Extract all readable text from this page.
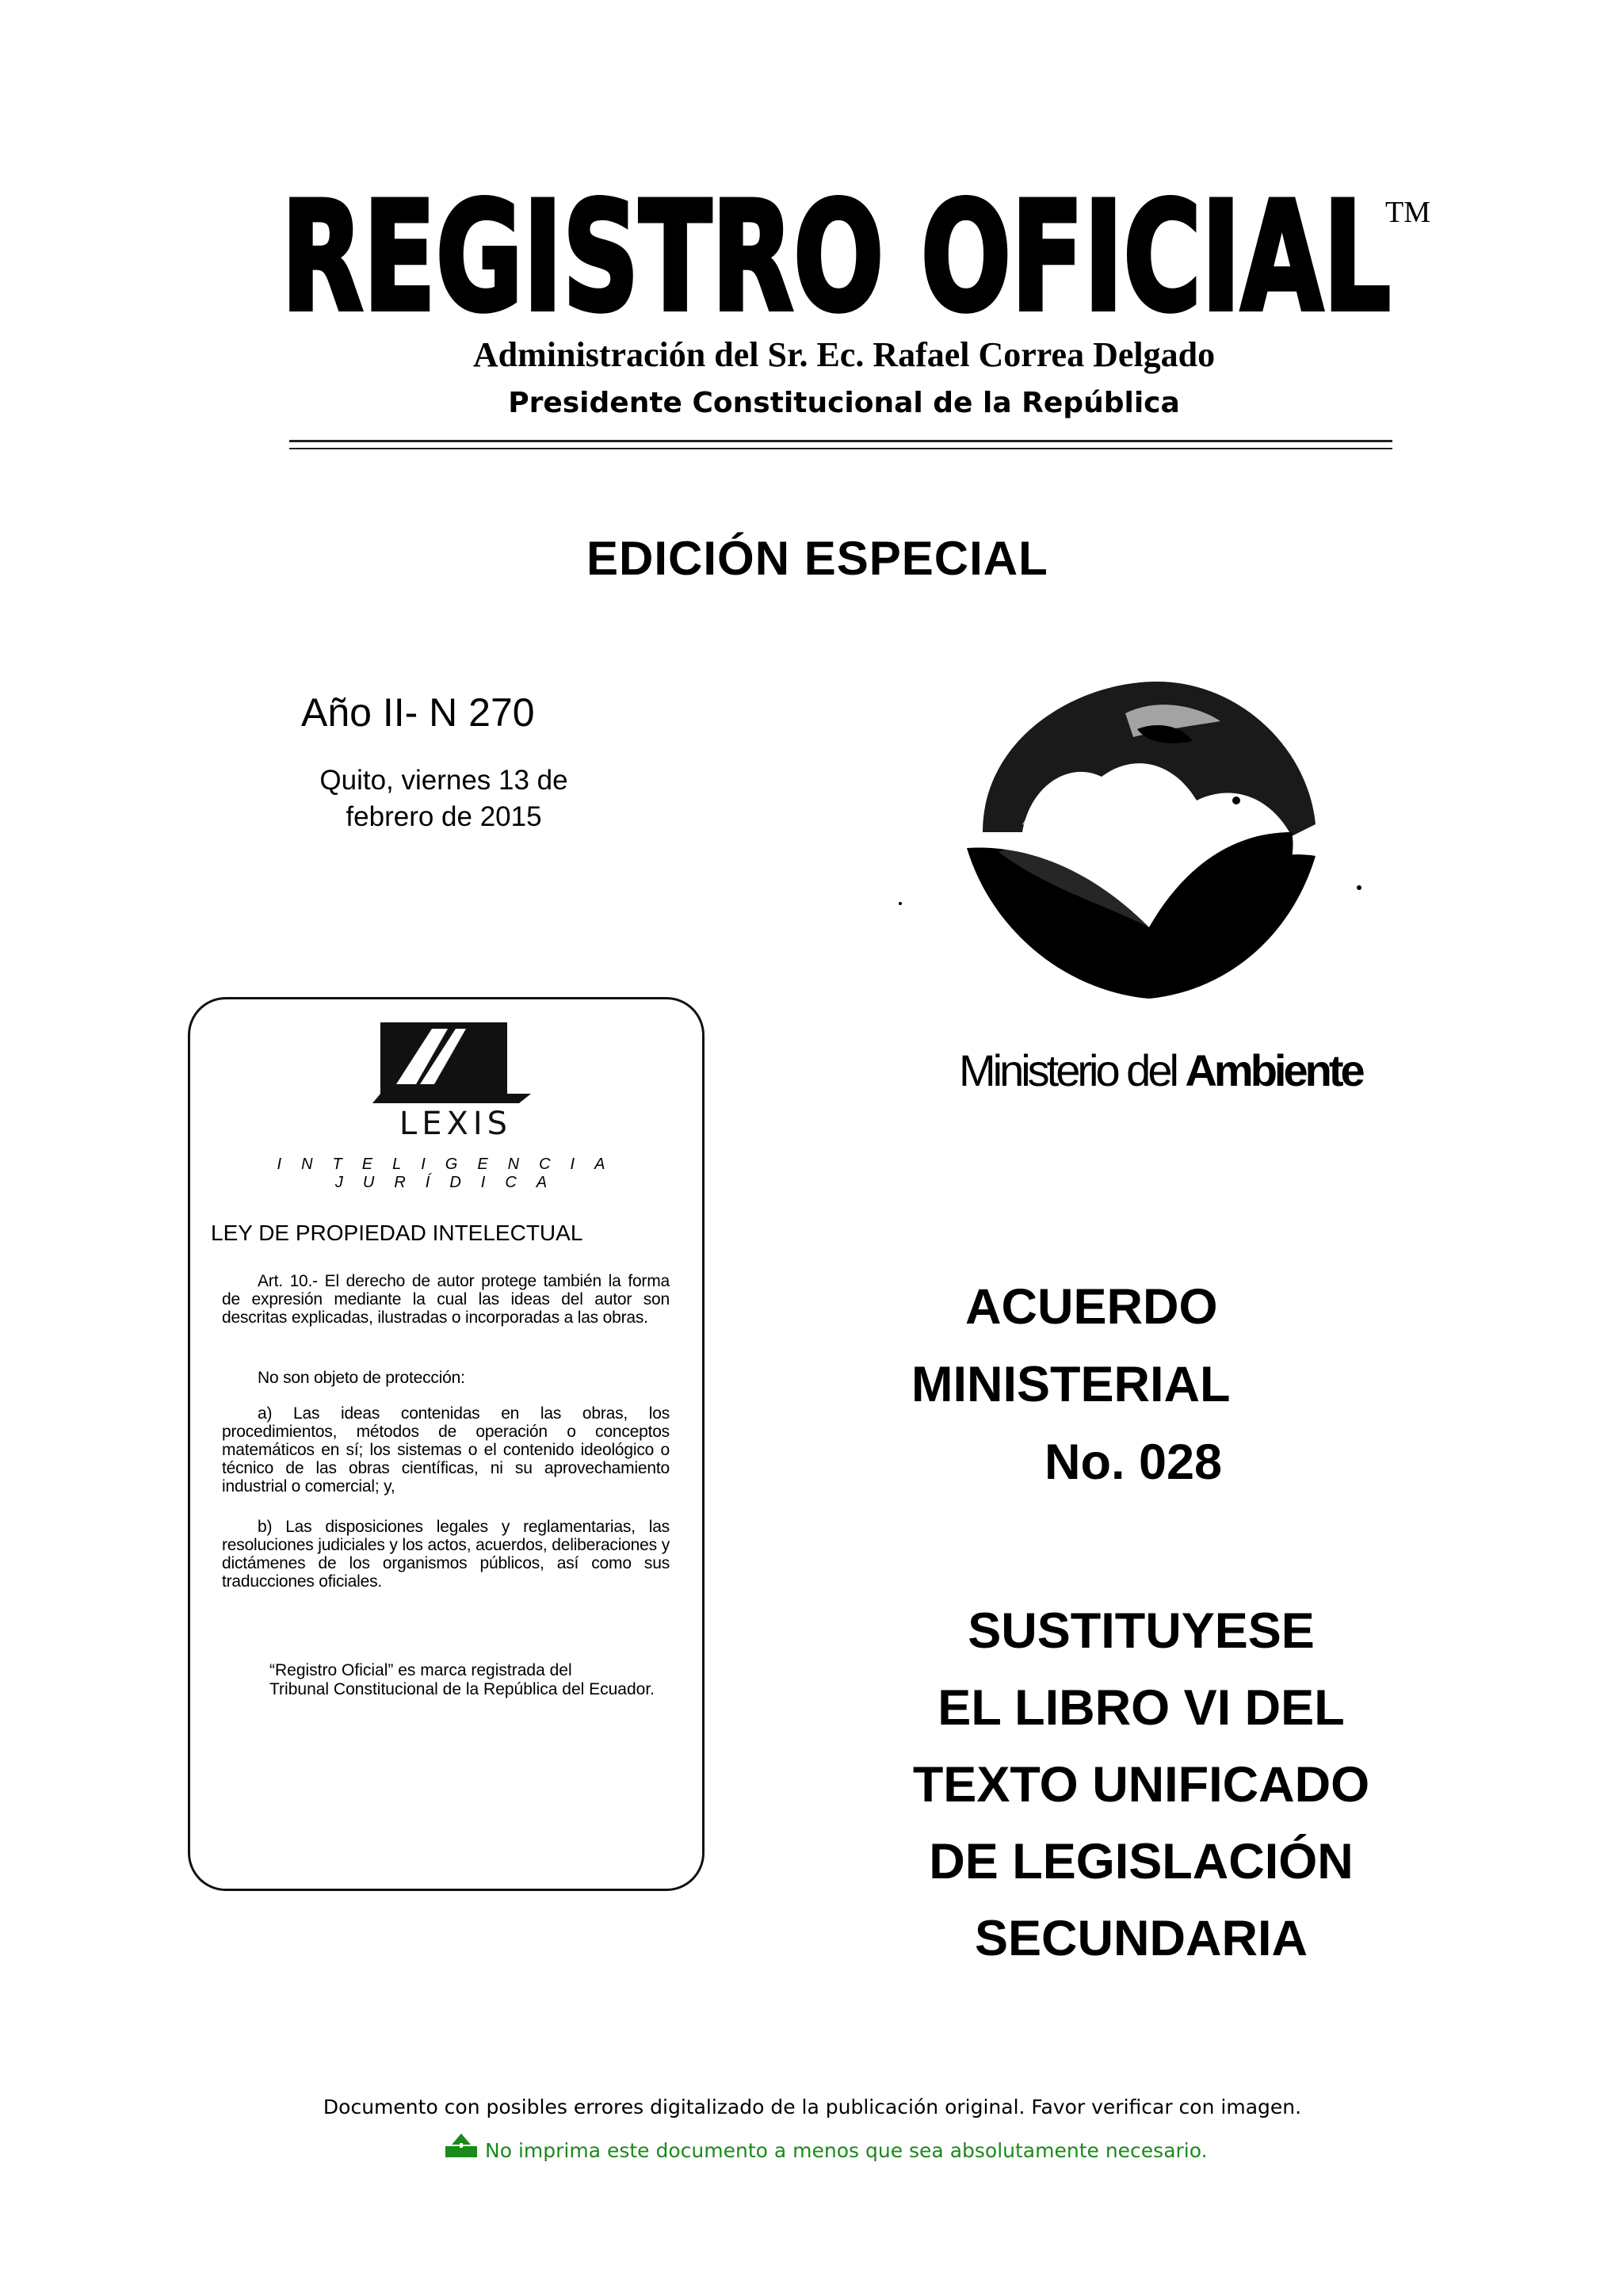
REGISTRO OFICIAL
TM
Administración del Sr. Ec. Rafael Correa Delgado
Presidente Constitucional de la República
EDICIÓN ESPECIAL
Año II- N 270
Quito, viernes 13 de
febrero de 2015
Ministerio del Ambiente
LEXIS
INTELIGENCIA JURÍDICA
LEY DE PROPIEDAD INTELECTUAL
Art. 10.- El derecho de autor protege también la forma de expresión mediante la cual las ideas del autor son descritas explicadas, ilustradas o incorporadas a las obras.
No son objeto de protección:
a) Las ideas contenidas en las obras, los procedimientos, métodos de operación o conceptos matemáticos en sí; los sistemas o el contenido ideológico o técnico de las obras científicas, ni su aprovechamiento industrial o comercial; y,
b) Las disposiciones legales y reglamentarias, las resoluciones judiciales y los actos, acuerdos, deliberaciones y dictámenes de los organismos públicos, así como sus traducciones oficiales.
“Registro Oficial” es marca registrada del
Tribunal Constitucional de la República del Ecuador.
ACUERDO
MINISTERIAL
No. 028
SUSTITUYESE
EL LIBRO VI DEL
TEXTO UNIFICADO
DE LEGISLACIÓN
SECUNDARIA
Documento con posibles errores digitalizado de la publicación original. Favor verificar con imagen.
No imprima este documento a menos que sea absolutamente necesario.
